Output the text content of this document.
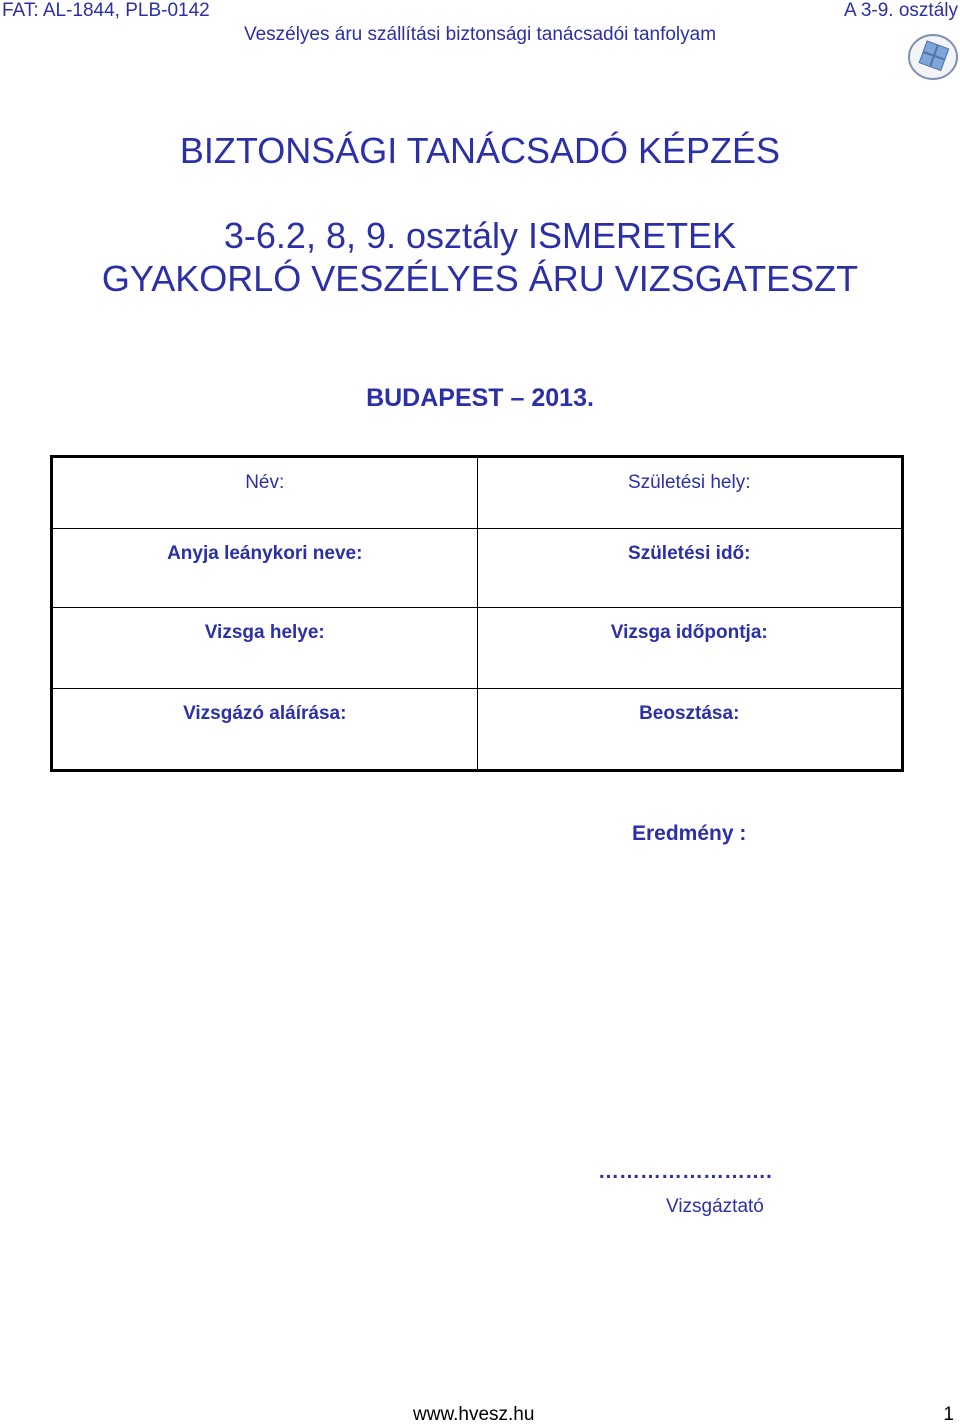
FAT: AL-1844, PLB-0142	A 3-9. osztály
Veszélyes áru szállítási biztonsági tanácsadói tanfolyam
BIZTONSÁGI TANÁCSADÓ KÉPZÉS
3-6.2, 8, 9. osztály ISMERETEK
GYAKORLÓ VESZÉLYES ÁRU VIZSGATESZT
BUDAPEST – 2013.
Név:	Születési hely:
Anyja leánykori neve:	Születési idő:
Vizsga helye:	Vizsga időpontja:
Vizsgázó aláírása:	Beosztása:
Eredmény :
…………………….
Vizsgáztató
www.hvesz.hu	1
